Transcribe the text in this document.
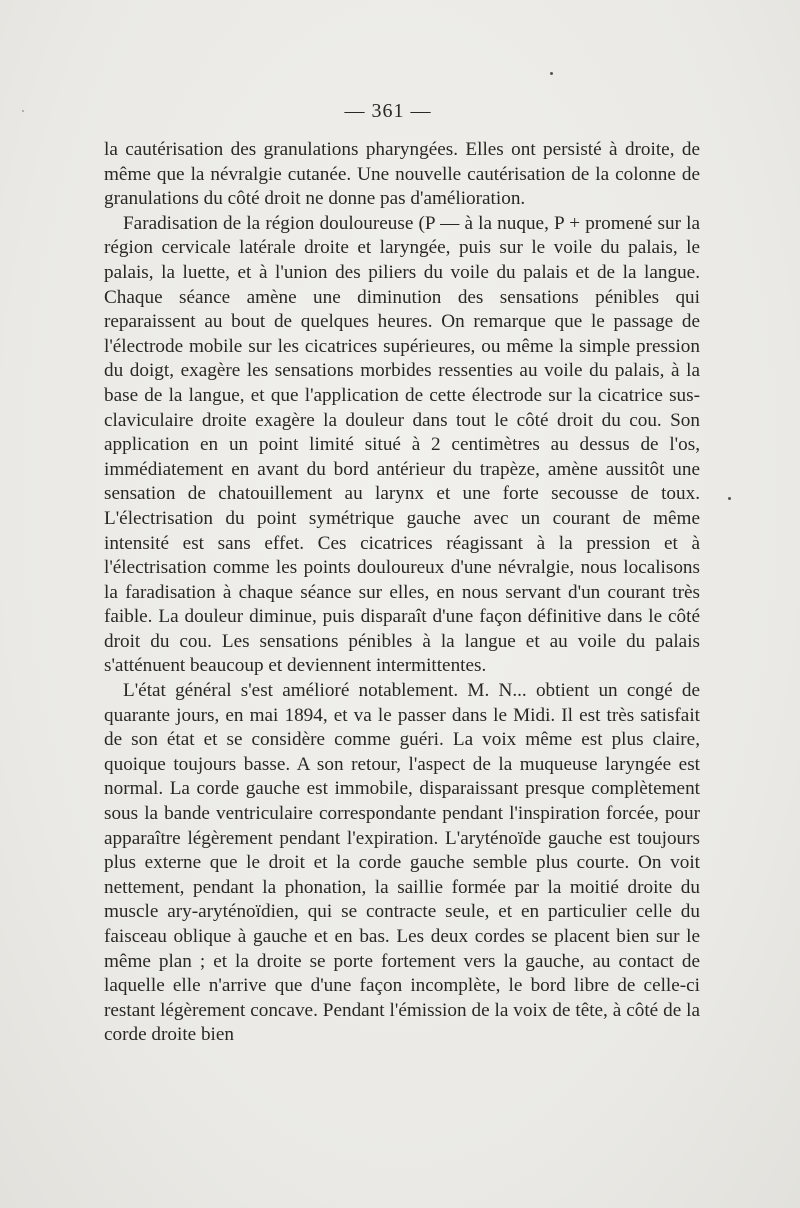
— 361 —

la cautérisation des granulations pharyngées. Elles ont persisté à droite, de même que la névralgie cutanée. Une nouvelle cautérisation de la colonne de granulations du côté droit ne donne pas d'amélioration.

Faradisation de la région douloureuse (P — à la nuque, P + promené sur la région cervicale latérale droite et laryngée, puis sur le voile du palais, le palais, la luette, et à l'union des piliers du voile du palais et de la langue. Chaque séance amène une diminution des sensations pénibles qui reparaissent au bout de quelques heures. On remarque que le passage de l'électrode mobile sur les cicatrices supérieures, ou même la simple pression du doigt, exagère les sensations morbides ressenties au voile du palais, à la base de la langue, et que l'application de cette électrode sur la cicatrice sus-claviculaire droite exagère la douleur dans tout le côté droit du cou. Son application en un point limité situé à 2 centimètres au dessus de l'os, immédiatement en avant du bord antérieur du trapèze, amène aussitôt une sensation de chatouillement au larynx et une forte secousse de toux. L'électrisation du point symétrique gauche avec un courant de même intensité est sans effet. Ces cicatrices réagissant à la pression et à l'électrisation comme les points douloureux d'une névralgie, nous localisons la faradisation à chaque séance sur elles, en nous servant d'un courant très faible. La douleur diminue, puis disparaît d'une façon définitive dans le côté droit du cou. Les sensations pénibles à la langue et au voile du palais s'atténuent beaucoup et deviennent intermittentes.

L'état général s'est amélioré notablement. M. N... obtient un congé de quarante jours, en mai 1894, et va le passer dans le Midi. Il est très satisfait de son état et se considère comme guéri. La voix même est plus claire, quoique toujours basse. A son retour, l'aspect de la muqueuse laryngée est normal. La corde gauche est immobile, disparaissant presque complètement sous la bande ventriculaire correspondante pendant l'inspiration forcée, pour apparaître légèrement pendant l'expiration. L'aryténoïde gauche est toujours plus externe que le droit et la corde gauche semble plus courte. On voit nettement, pendant la phonation, la saillie formée par la moitié droite du muscle ary-aryténoïdien, qui se contracte seule, et en particulier celle du faisceau oblique à gauche et en bas. Les deux cordes se placent bien sur le même plan ; et la droite se porte fortement vers la gauche, au contact de laquelle elle n'arrive que d'une façon incomplète, le bord libre de celle-ci restant légèrement concave. Pendant l'émission de la voix de tête, à côté de la corde droite bien
